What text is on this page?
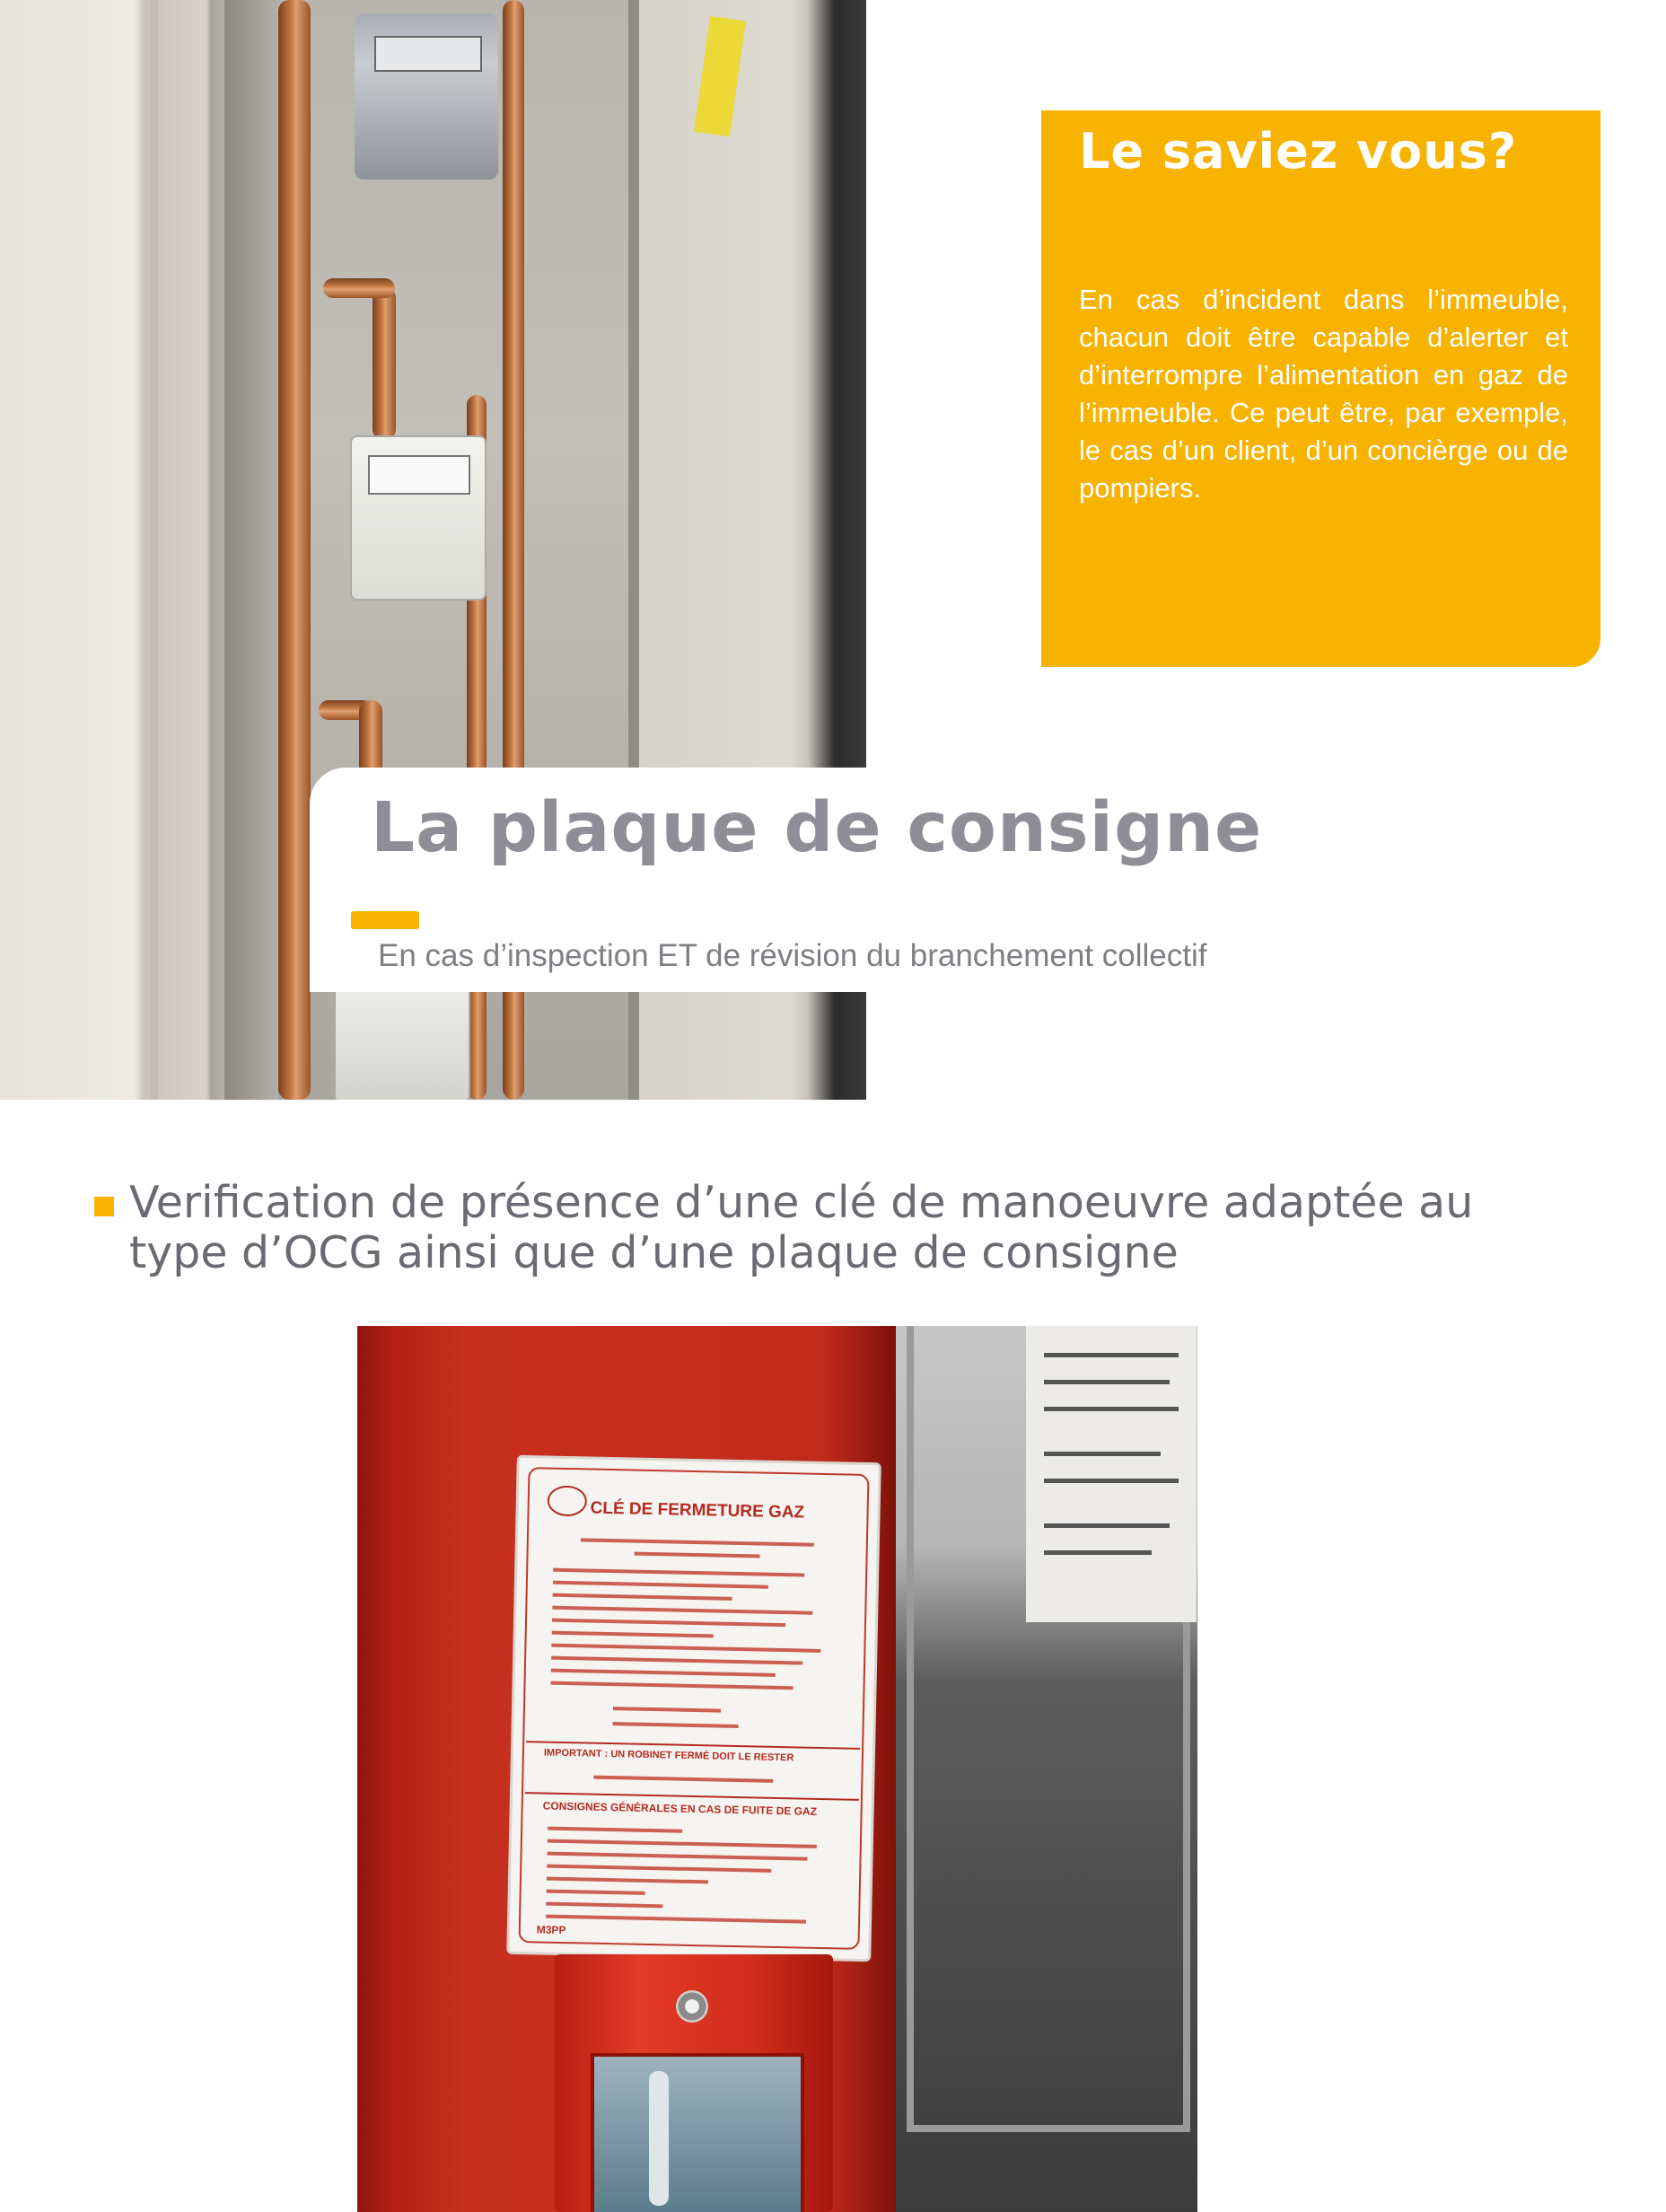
Le saviez vous?

En cas d’incident dans l’immeuble, chacun doit être capable d’alerter et d’interrompre l’alimentation en gaz de l’immeuble. Ce peut être, par exemple, le cas d’un client, d’un concièrge ou de pompiers.

La plaque de consigne

En cas d’inspection ET de révision du branchement collectif

Verification de présence d’une clé de manoeuvre adaptée au type d’OCG ainsi que d’une plaque de consigne

CLÉ DE FERMETURE GAZ

IMPORTANT : UN ROBINET FERMÉ DOIT LE RESTER

CONSIGNES GÉNÉRALES EN CAS DE FUITE DE GAZ

M3PP
